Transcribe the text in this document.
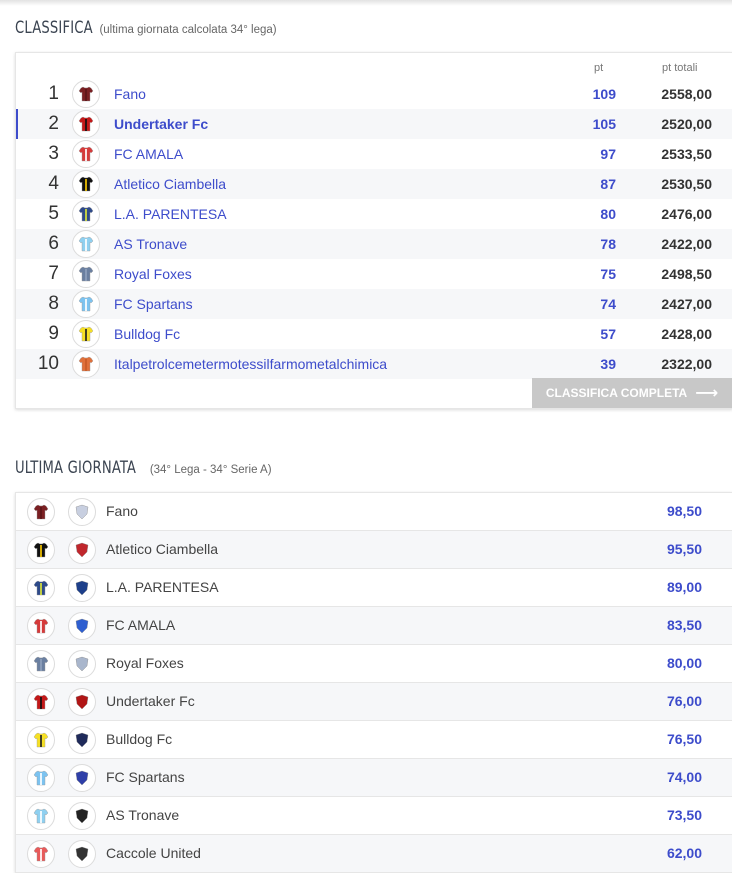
CLASSIFICA (ultima giornata calcolata 34° lega)
pt	pt totali
1	Fano	109	2558,00
2	Undertaker Fc	105	2520,00
3	FC AMALA	97	2533,50
4	Atletico Ciambella	87	2530,50
5	L.A. PARENTESA	80	2476,00
6	AS Tronave	78	2422,00
7	Royal Foxes	75	2498,50
8	FC Spartans	74	2427,00
9	Bulldog Fc	57	2428,00
10	Italpetrolcemetermotessilfarmometalchimica	39	2322,00
CLASSIFICA COMPLETA ⟶
ULTIMA GIORNATA (34° Lega - 34° Serie A)
Fano	98,50
Atletico Ciambella	95,50
L.A. PARENTESA	89,00
FC AMALA	83,50
Royal Foxes	80,00
Undertaker Fc	76,00
Bulldog Fc	76,50
FC Spartans	74,00
AS Tronave	73,50
Caccole United	62,00
